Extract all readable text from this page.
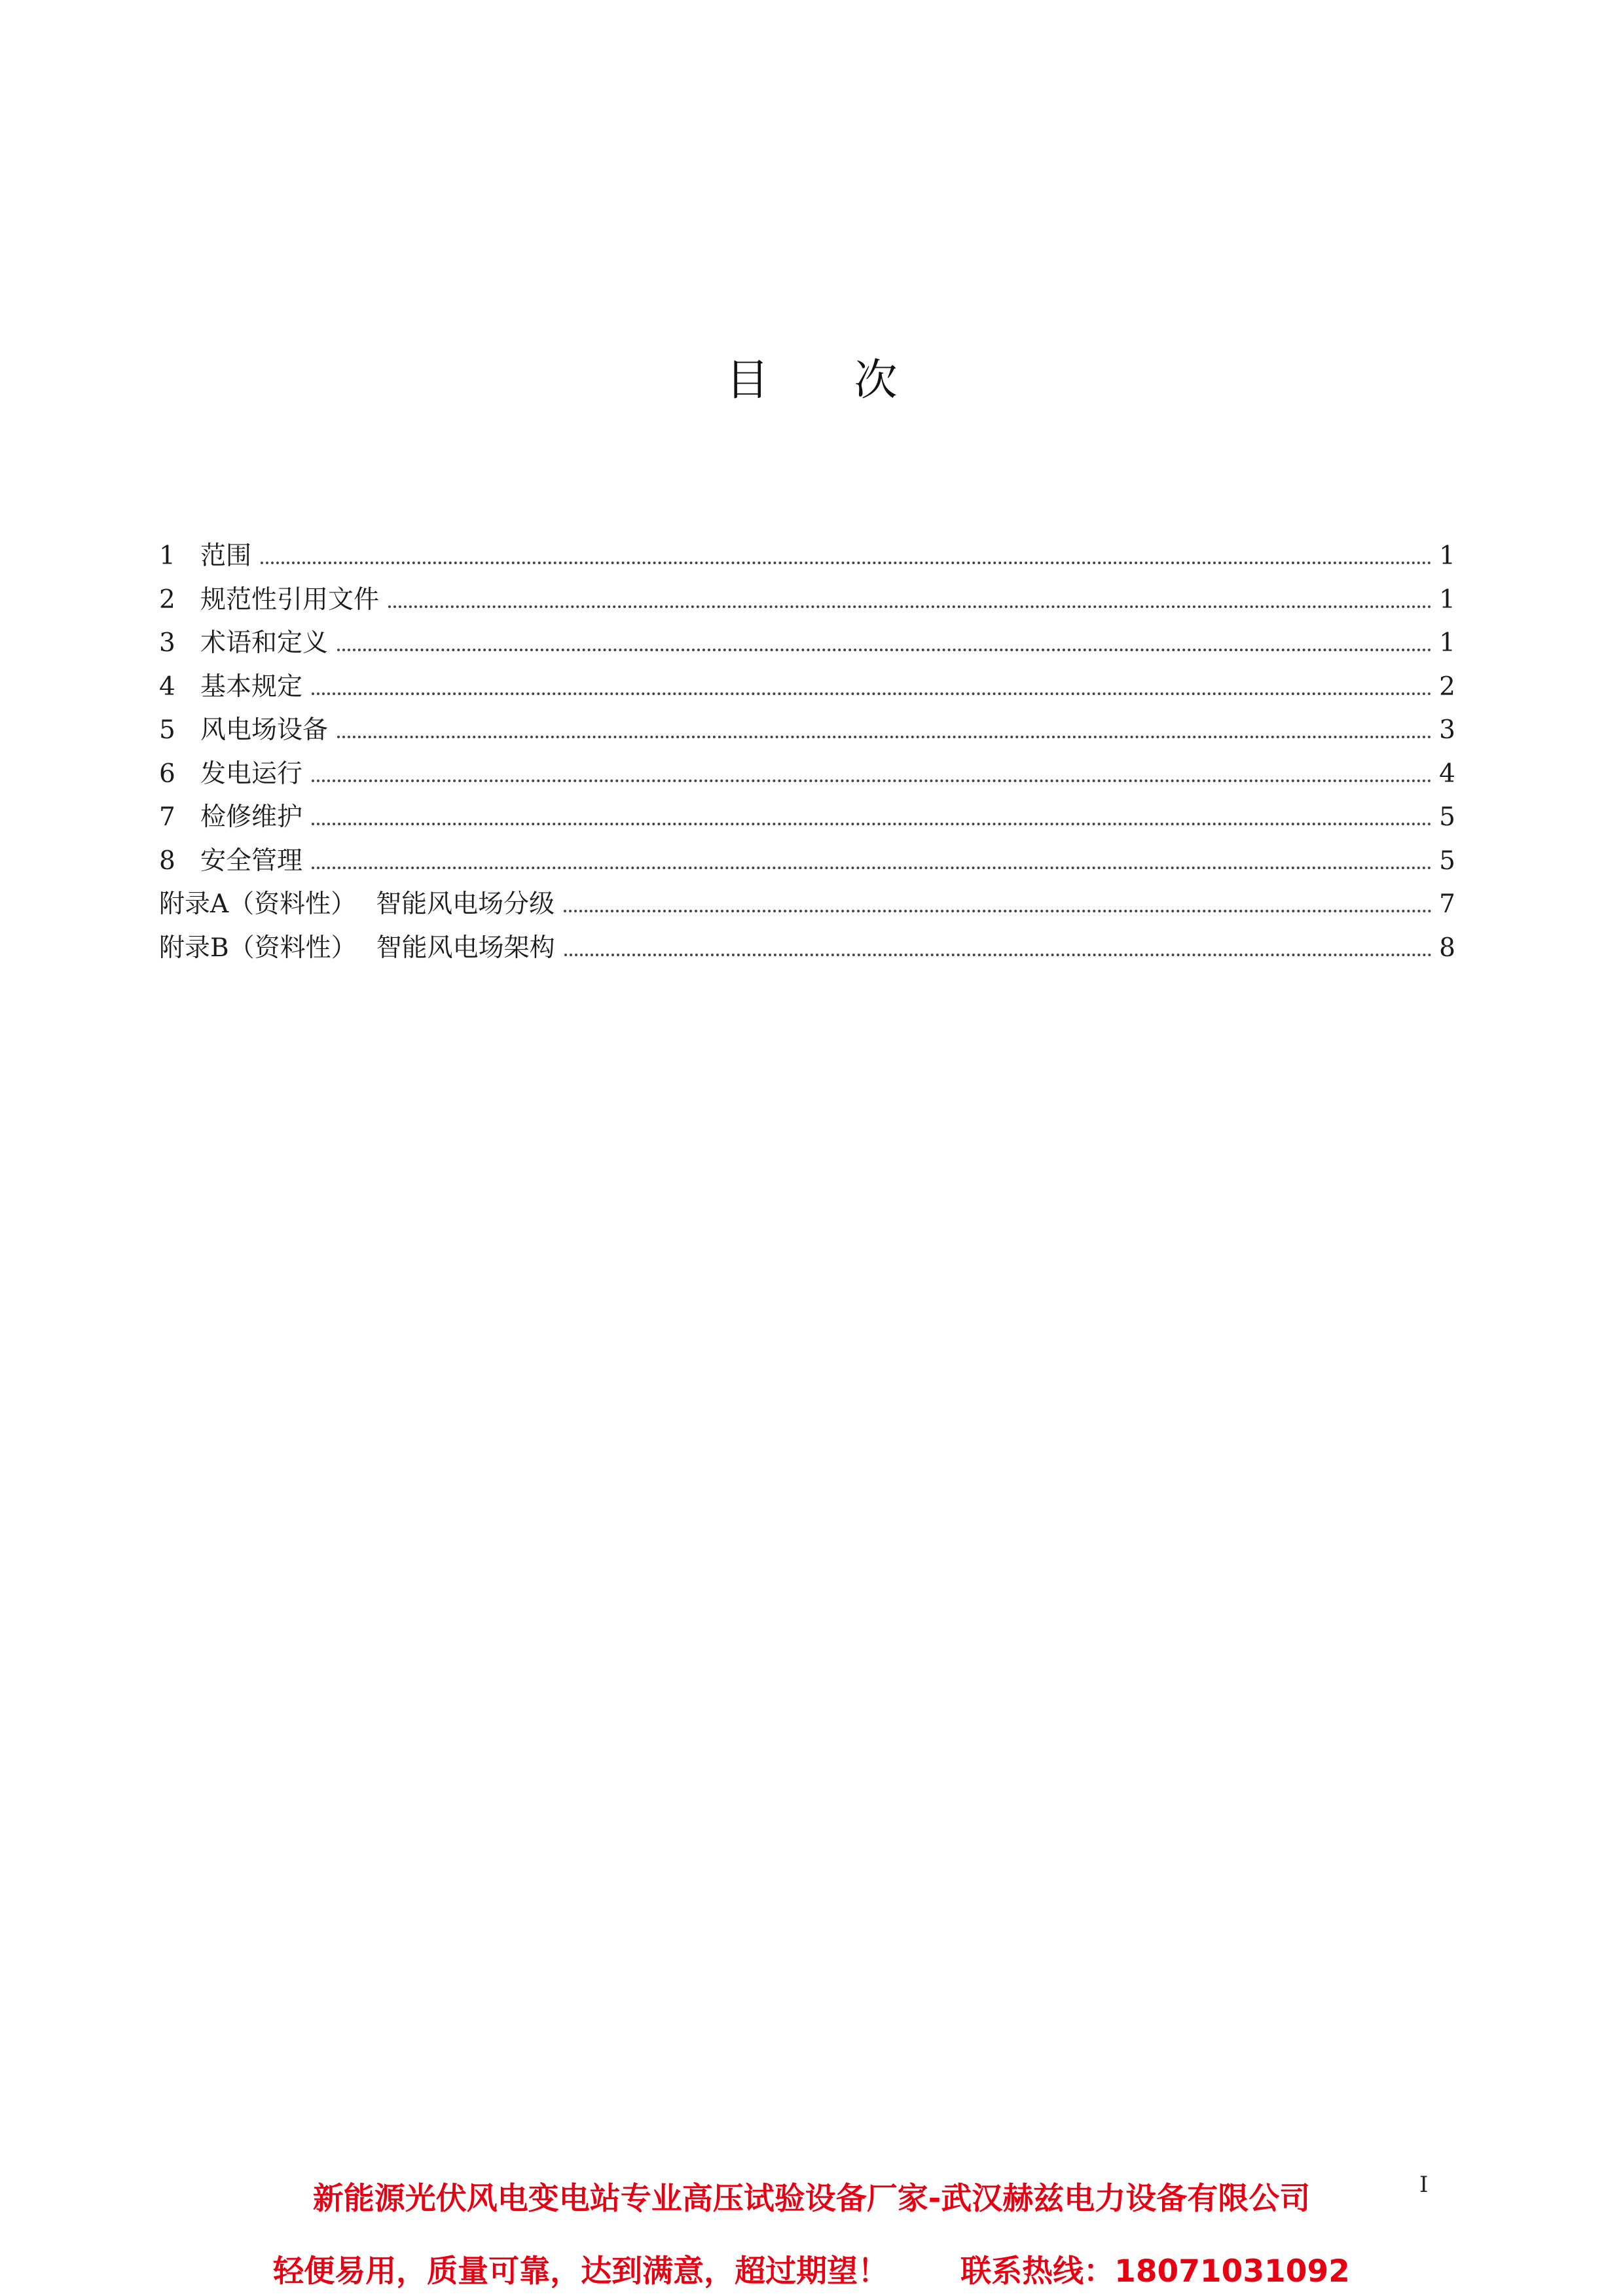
目次
1 范围	1
2 规范性引用文件	1
3 术语和定义	1
4 基本规定	2
5 风电场设备	3
6 发电运行	4
7 检修维护	5
8 安全管理	5
附录A（资料性） 智能风电场分级	7
附录B（资料性） 智能风电场架构	8
I
新能源光伏风电变电站专业高压试验设备厂家-武汉赫兹电力设备有限公司
轻便易用，质量可靠，达到满意，超过期望！ 联系热线：18071031092
